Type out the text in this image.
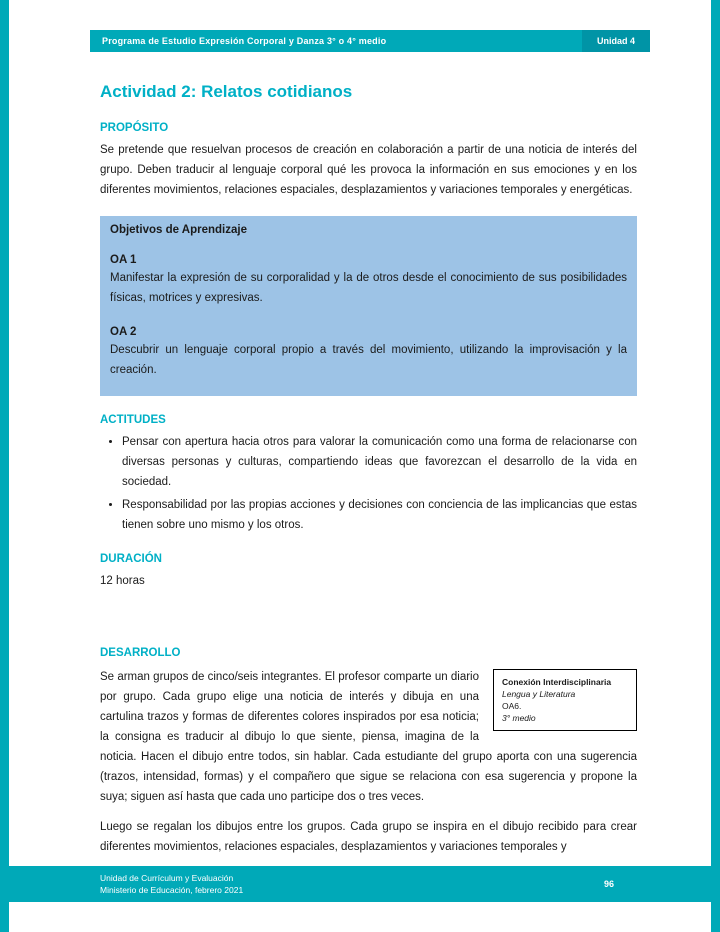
Programa de Estudio Expresión Corporal y Danza 3° o 4° medio	Unidad 4
Actividad 2: Relatos cotidianos
PROPÓSITO

Se pretende que resuelvan procesos de creación en colaboración a partir de una noticia de interés del grupo. Deben traducir al lenguaje corporal qué les provoca la información en sus emociones y en los diferentes movimientos, relaciones espaciales, desplazamientos y variaciones temporales y energéticas.

Objetivos de Aprendizaje
OA 1

Manifestar la expresión de su corporalidad y la de otros desde el conocimiento de sus posibilidades físicas, motrices y expresivas.

OA 2

Descubrir un lenguaje corporal propio a través del movimiento, utilizando la improvisación y la creación.

ACTITUDES
• Pensar con apertura hacia otros para valorar la comunicación como una forma de relacionarse con diversas personas y culturas, compartiendo ideas que favorezcan el desarrollo de la vida en sociedad.
• Responsabilidad por las propias acciones y decisiones con conciencia de las implicancias que estas tienen sobre uno mismo y los otros.
DURACIÓN

12 horas

DESARROLLO
Conexión Interdisciplinaria
Lengua y Literatura
OA6.
3° medio

Se arman grupos de cinco/seis integrantes. El profesor comparte un diario por grupo. Cada grupo elige una noticia de interés y dibuja en una cartulina trazos y formas de diferentes colores inspirados por esa noticia; la consigna es traducir al dibujo lo que siente, piensa, imagina de la noticia. Hacen el dibujo entre todos, sin hablar. Cada estudiante del grupo aporta con una sugerencia (trazos, intensidad, formas) y el compañero que sigue se relaciona con esa sugerencia y propone la suya; siguen así hasta que cada uno participe dos o tres veces.

Luego se regalan los dibujos entre los grupos. Cada grupo se inspira en el dibujo recibido para crear diferentes movimientos, relaciones espaciales, desplazamientos y variaciones temporales y

Unidad de Currículum y Evaluación
Ministerio de Educación, febrero 2021
96
